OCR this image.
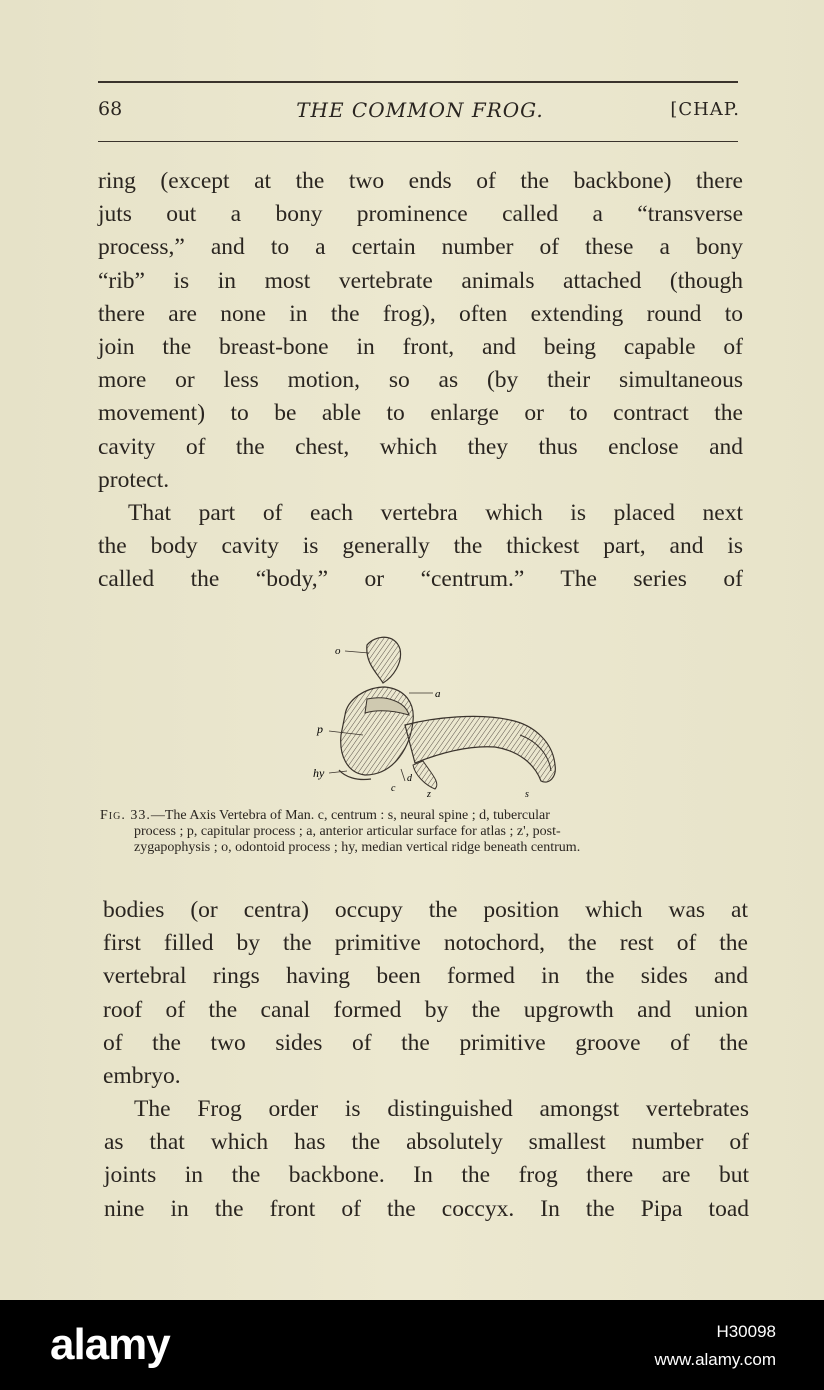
68	THE COMMON FROG.	[CHAP.
ring (except at the two ends of the backbone) there
juts out a bony prominence called a “transverse
process,” and to a certain number of these a bony
“rib” is in most vertebrate animals attached (though
there are none in the frog), often extending round to
join the breast-bone in front, and being capable of
more or less motion, so as (by their simultaneous
movement) to be able to enlarge or to contract the
cavity of the chest, which they thus enclose and
protect.
That part of each vertebra which is placed next
the body cavity is generally the thickest part, and is
called the “body,” or “centrum.” The series of
o
a
p
hy	d
c
z	s
Fig. 33.—The Axis Vertebra of Man. c, centrum : s, neural spine ; d, tubercular
process ; p, capitular process ; a, anterior articular surface for atlas ; z', post-
zygapophysis ; o, odontoid process ; hy, median vertical ridge beneath centrum.
bodies (or centra) occupy the position which was at
first filled by the primitive notochord, the rest of the
vertebral rings having been formed in the sides and
roof of the canal formed by the upgrowth and union
of the two sides of the primitive groove of the
embryo.
The Frog order is distinguished amongst vertebrates
as that which has the absolutely smallest number of
joints in the backbone. In the frog there are but
nine in the front of the coccyx. In the Pipa toad
alamy	H30098
www.alamy.com
